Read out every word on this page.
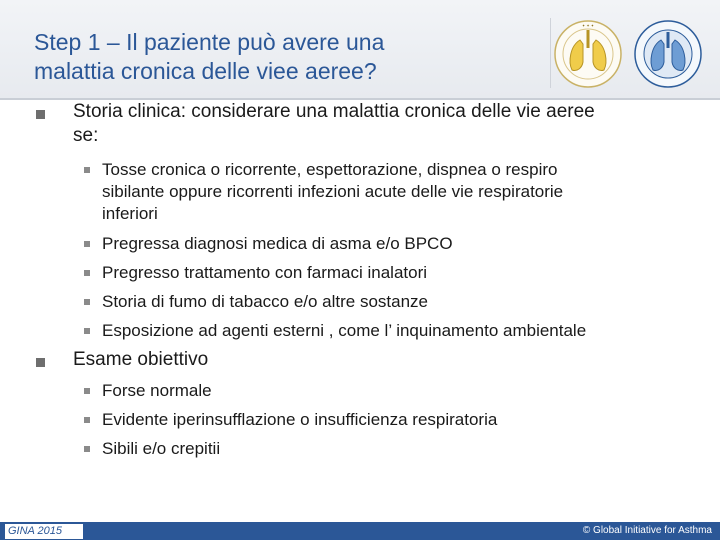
Step 1 – Il paziente può avere una
malattia cronica delle viee aeree?
✦ ✦ ✦
Storia clinica: considerare una malattia cronica delle vie aeree
se:
Tosse cronica o ricorrente, espettorazione, dispnea o respiro
sibilante oppure ricorrenti infezioni acute delle vie respiratorie
inferiori
Pregressa diagnosi medica di asma e/o BPCO
Pregresso trattamento con farmaci inalatori
Storia di fumo di tabacco e/o altre sostanze
Esposizione ad agenti esterni , come l’ inquinamento ambientale
Esame obiettivo
Forse normale
Evidente iperinsufflazione o insufficienza respiratoria
Sibili e/o crepitii
GINA 2015	© Global Initiative for Asthma
